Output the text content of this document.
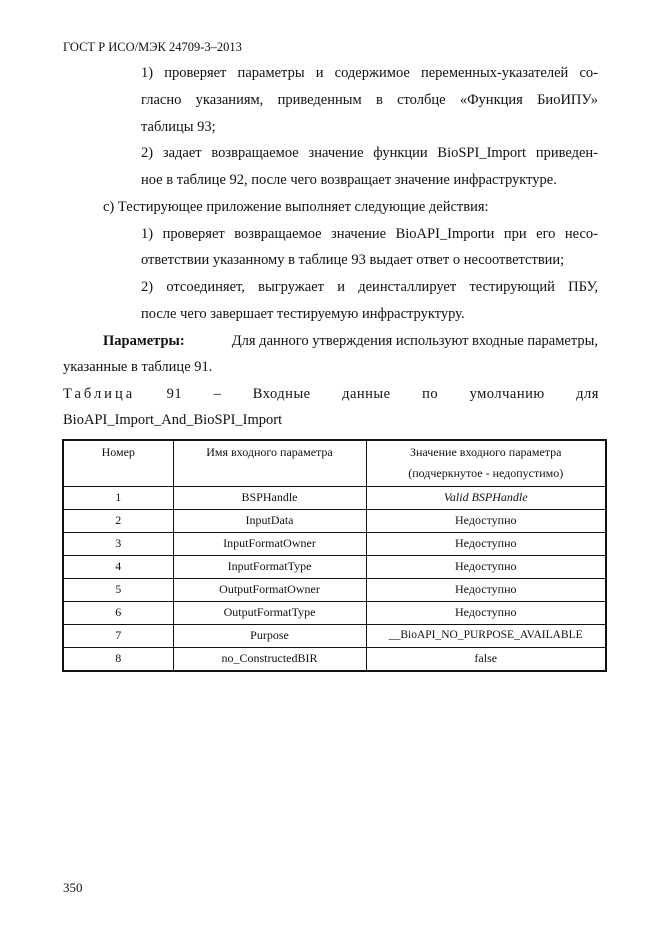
ГОСТ Р ИСО/МЭК 24709-3–2013
1) проверяет параметры и содержимое переменных-указателей со-
гласно указаниям, приведенным в столбце «Функция БиоИПУ»
таблицы 93;
2) задает возвращаемое значение функции BioSPI_Import приведен-
ное в таблице 92, после чего возвращает значение инфраструктуре.
c) Тестирующее приложение выполняет следующие действия:
1) проверяет возвращаемое значение BioAPI_Importи при его несо-
ответствии указанному в таблице 93 выдает ответ о несоответствии;
2) отсоединяет, выгружает и деинсталлирует тестирующий ПБУ,
после чего завершает тестируемую инфраструктуру.
Параметры:	Для данного утверждения используют входные параметры,
указанные в таблице 91.
Таблица 91 – Входные данные по умолчанию для
BioAPI_Import_And_BioSPI_Import
Номер	Имя входного параметра	Значение входного параметра
(подчеркнутое - недопустимо)

1	BSPHandle	Valid BSPHandle
2	InputData	Недоступно
3	InputFormatOwner	Недоступно
4	InputFormatType	Недоступно
5	OutputFormatOwner	Недоступно
6	OutputFormatType	Недоступно
7	Purpose	__BioAPI_NO_PURPOSE_AVAILABLE
8	no_ConstructedBIR	false
350
